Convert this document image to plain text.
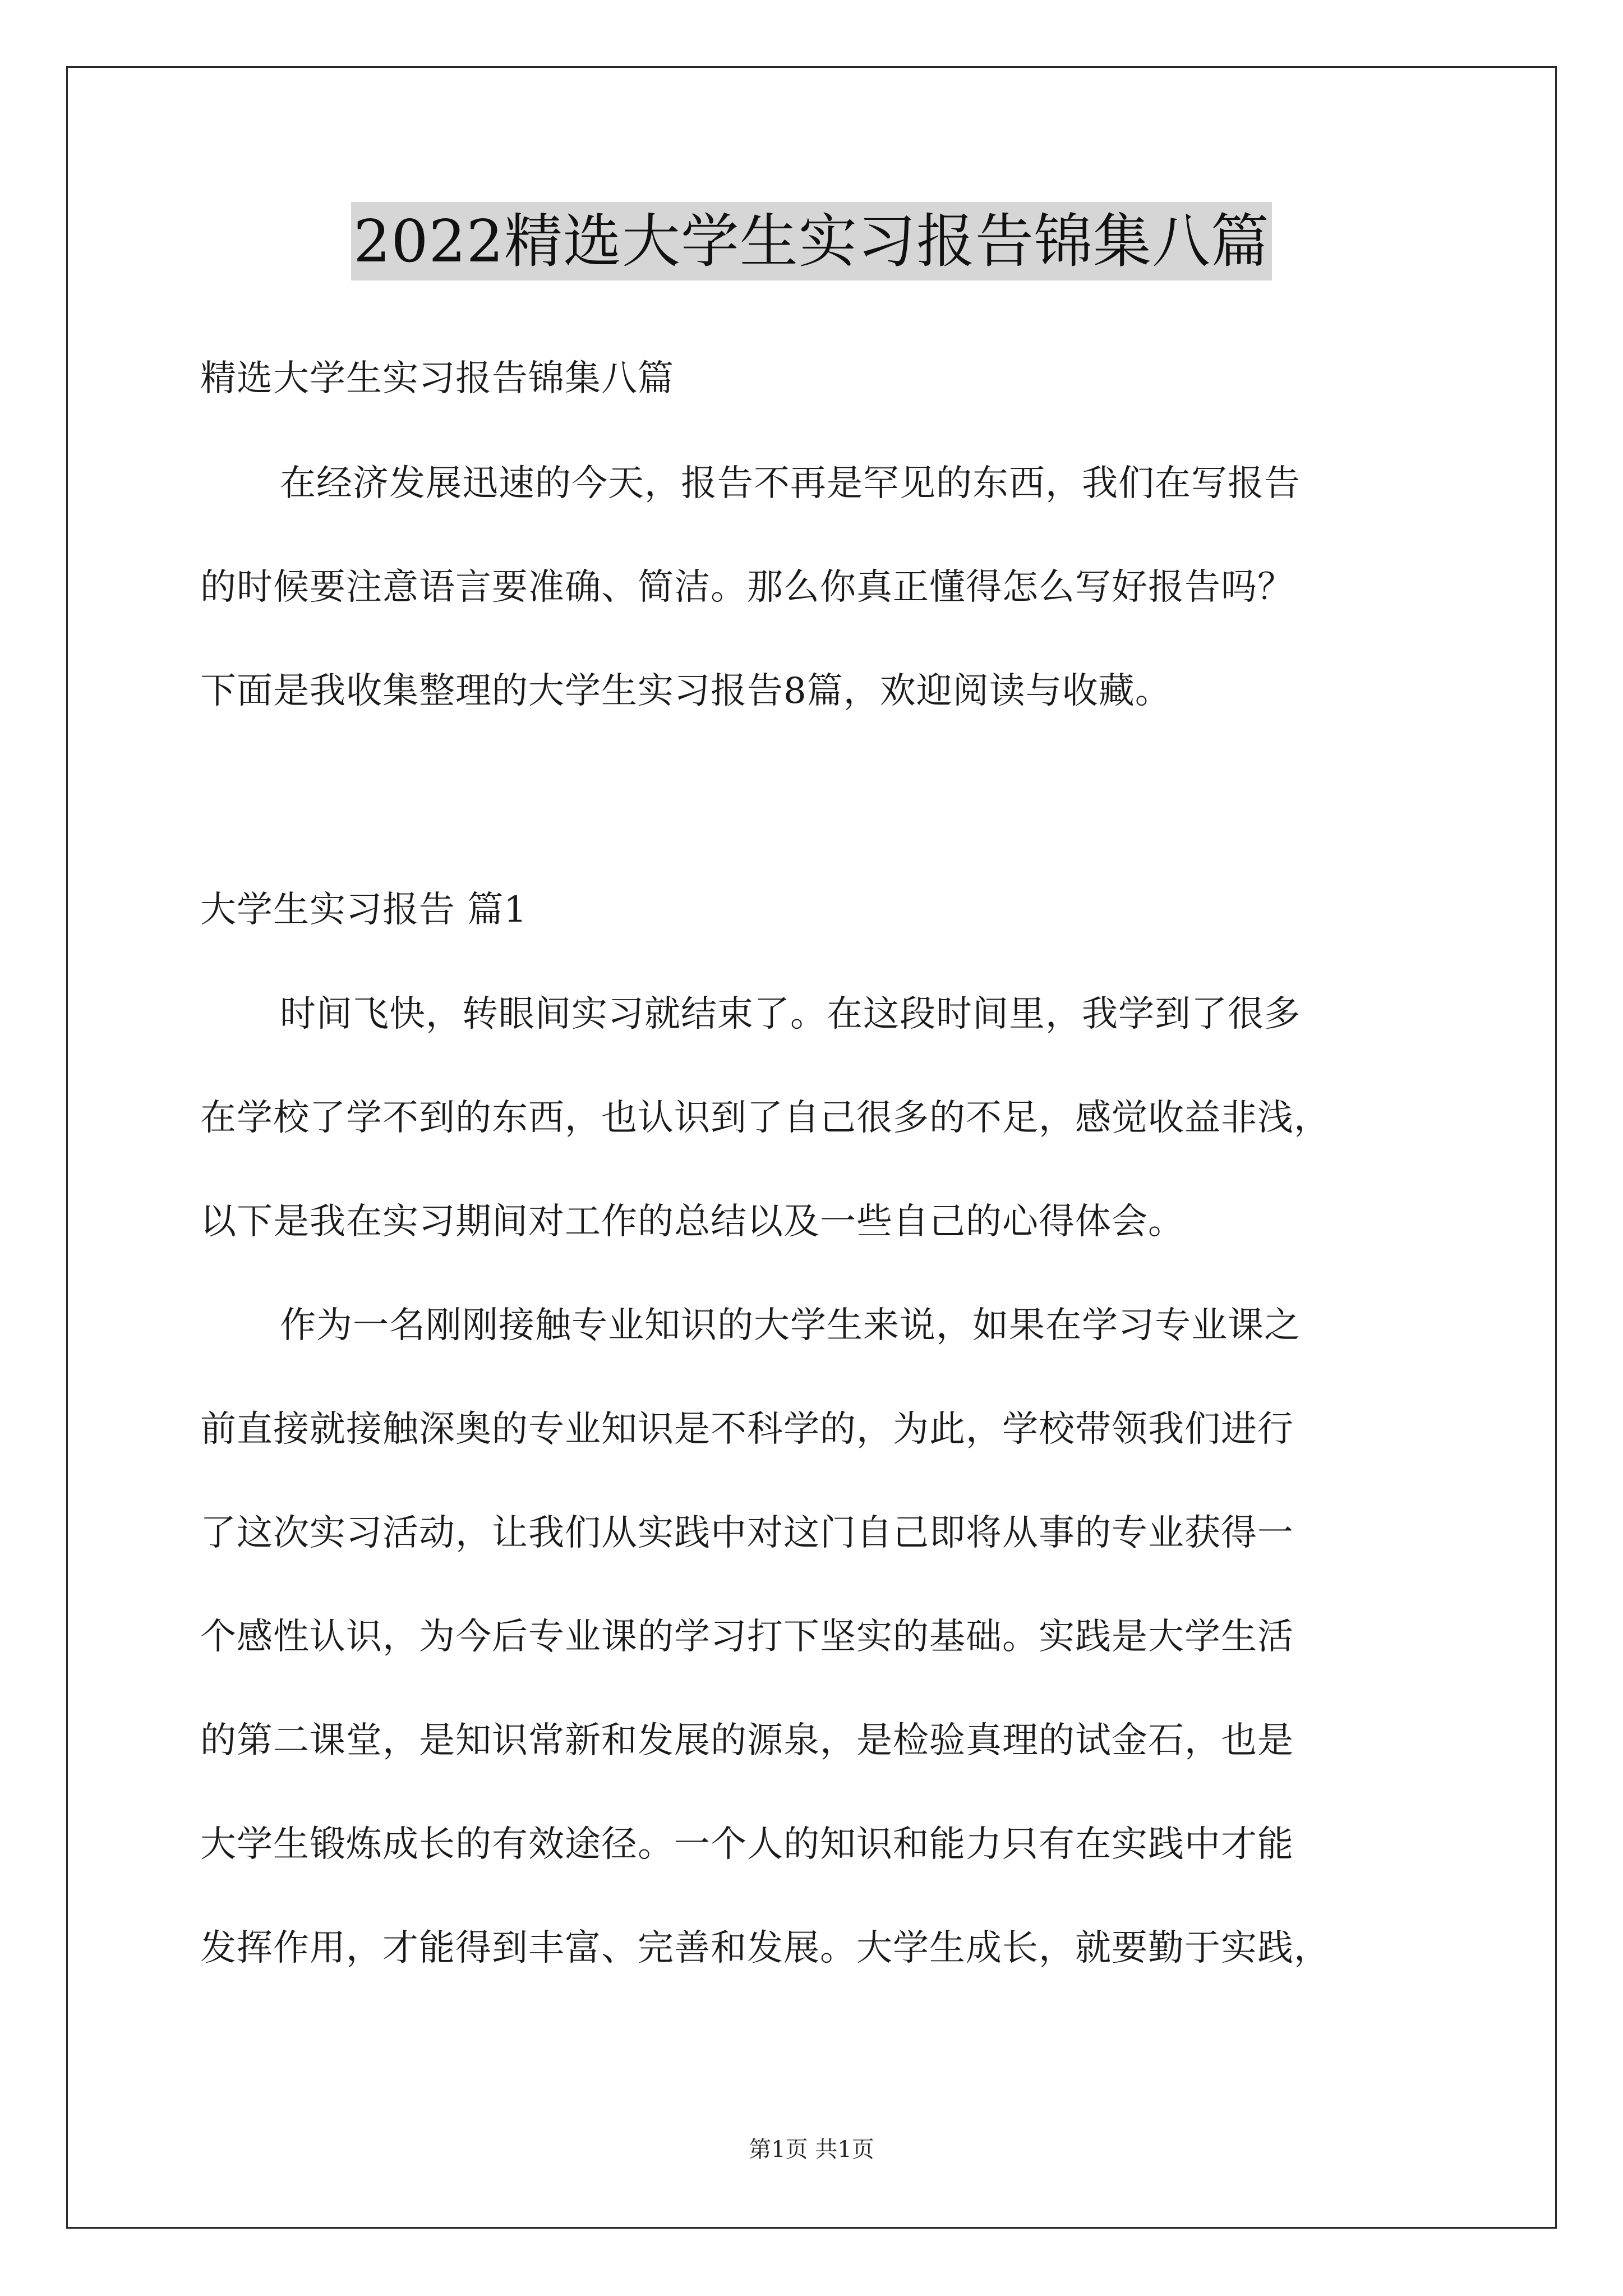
2022精选大学生实习报告锦集八篇
精选大学生实习报告锦集八篇
在经济发展迅速的今天，报告不再是罕见的东西，我们在写报告
的时候要注意语言要准确、简洁。那么你真正懂得怎么写好报告吗？
下面是我收集整理的大学生实习报告8篇，欢迎阅读与收藏。
大学生实习报告 篇1
时间飞快，转眼间实习就结束了。在这段时间里，我学到了很多
在学校了学不到的东西，也认识到了自己很多的不足，感觉收益非浅，
以下是我在实习期间对工作的总结以及一些自己的心得体会。
作为一名刚刚接触专业知识的大学生来说，如果在学习专业课之
前直接就接触深奥的专业知识是不科学的，为此，学校带领我们进行
了这次实习活动，让我们从实践中对这门自己即将从事的专业获得一
个感性认识，为今后专业课的学习打下坚实的基础。实践是大学生活
的第二课堂，是知识常新和发展的源泉，是检验真理的试金石，也是
大学生锻炼成长的有效途径。一个人的知识和能力只有在实践中才能
发挥作用，才能得到丰富、完善和发展。大学生成长，就要勤于实践，
第1页 共1页
